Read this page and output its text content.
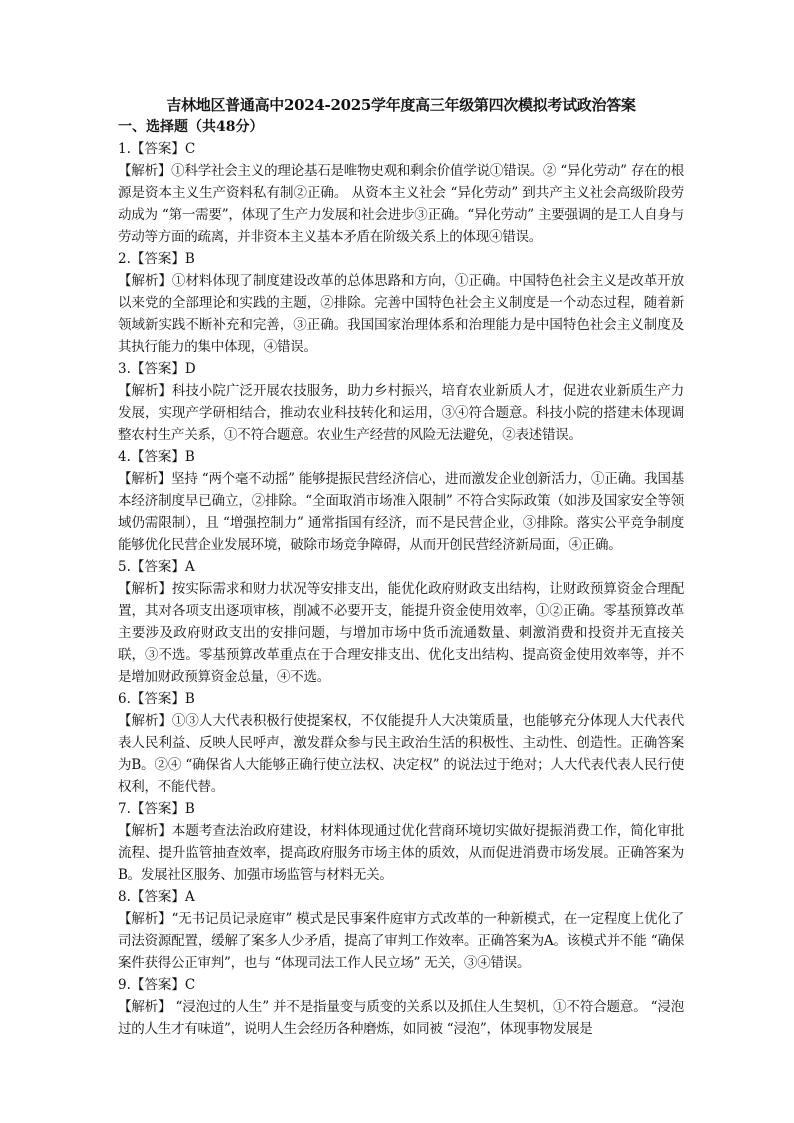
吉林地区普通高中2024-2025学年度高三年级第四次模拟考试政治答案

一、选择题（共48分）

1.【答案】C

【解析】①科学社会主义的理论基石是唯物史观和剩余价值学说①错误。② “异化劳动” 存在的根源是资本主义生产资料私有制②正确。 从资本主义社会 “异化劳动” 到共产主义社会高级阶段劳动成为 “第一需要”，体现了生产力发展和社会进步③正确。“异化劳动” 主要强调的是工人自身与劳动等方面的疏离，并非资本主义基本矛盾在阶级关系上的体现④错误。

2.【答案】B

【解析】①材料体现了制度建设改革的总体思路和方向，①正确。中国特色社会主义是改革开放以来党的全部理论和实践的主题，②排除。完善中国特色社会主义制度是一个动态过程，随着新领域新实践不断补充和完善，③正确。我国国家治理体系和治理能力是中国特色社会主义制度及其执行能力的集中体现，④错误。

3.【答案】D

【解析】科技小院广泛开展农技服务，助力乡村振兴，培育农业新质人才，促进农业新质生产力发展，实现产学研相结合，推动农业科技转化和运用，③④符合题意。科技小院的搭建未体现调整农村生产关系，①不符合题意。农业生产经营的风险无法避免，②表述错误。

4.【答案】B

【解析】坚持 “两个毫不动摇” 能够提振民营经济信心，进而激发企业创新活力，①正确。我国基本经济制度早已确立，②排除。“全面取消市场准入限制” 不符合实际政策（如涉及国家安全等领域仍需限制），且 “增强控制力” 通常指国有经济，而不是民营企业，③排除。落实公平竞争制度能够优化民营企业发展环境，破除市场竞争障碍，从而开创民营经济新局面，④正确。

5.【答案】A

【解析】按实际需求和财力状况等安排支出，能优化政府财政支出结构，让财政预算资金合理配置，其对各项支出逐项审核，削减不必要开支，能提升资金使用效率，①②正确。零基预算改革主要涉及政府财政支出的安排问题，与增加市场中货币流通数量、刺激消费和投资并无直接关联，③不选。零基预算改革重点在于合理安排支出、优化支出结构、提高资金使用效率等，并不是增加财政预算资金总量，④不选。

6.【答案】B

【解析】①③人大代表积极行使提案权，不仅能提升人大决策质量，也能够充分体现人大代表代表人民利益、反映人民呼声，激发群众参与民主政治生活的积极性、主动性、创造性。正确答案为B。②④ “确保省人大能够正确行使立法权、决定权” 的说法过于绝对；人大代表代表人民行使权利，不能代替。

7.【答案】B

【解析】本题考查法治政府建设，材料体现通过优化营商环境切实做好提振消费工作，简化审批流程、提升监管抽查效率，提高政府服务市场主体的质效，从而促进消费市场发展。正确答案为B。发展社区服务、加强市场监管与材料无关。

8.【答案】A

【解析】“无书记员记录庭审” 模式是民事案件庭审方式改革的一种新模式，在一定程度上优化了司法资源配置，缓解了案多人少矛盾，提高了审判工作效率。正确答案为A。该模式并不能 “确保案件获得公正审判”，也与 “体现司法工作人民立场” 无关，③④错误。

9.【答案】C

【解析】 “浸泡过的人生” 并不是指量变与质变的关系以及抓住人生契机，①不符合题意。 “浸泡过的人生才有味道”，说明人生会经历各种磨炼，如同被 “浸泡”，体现事物发展是
